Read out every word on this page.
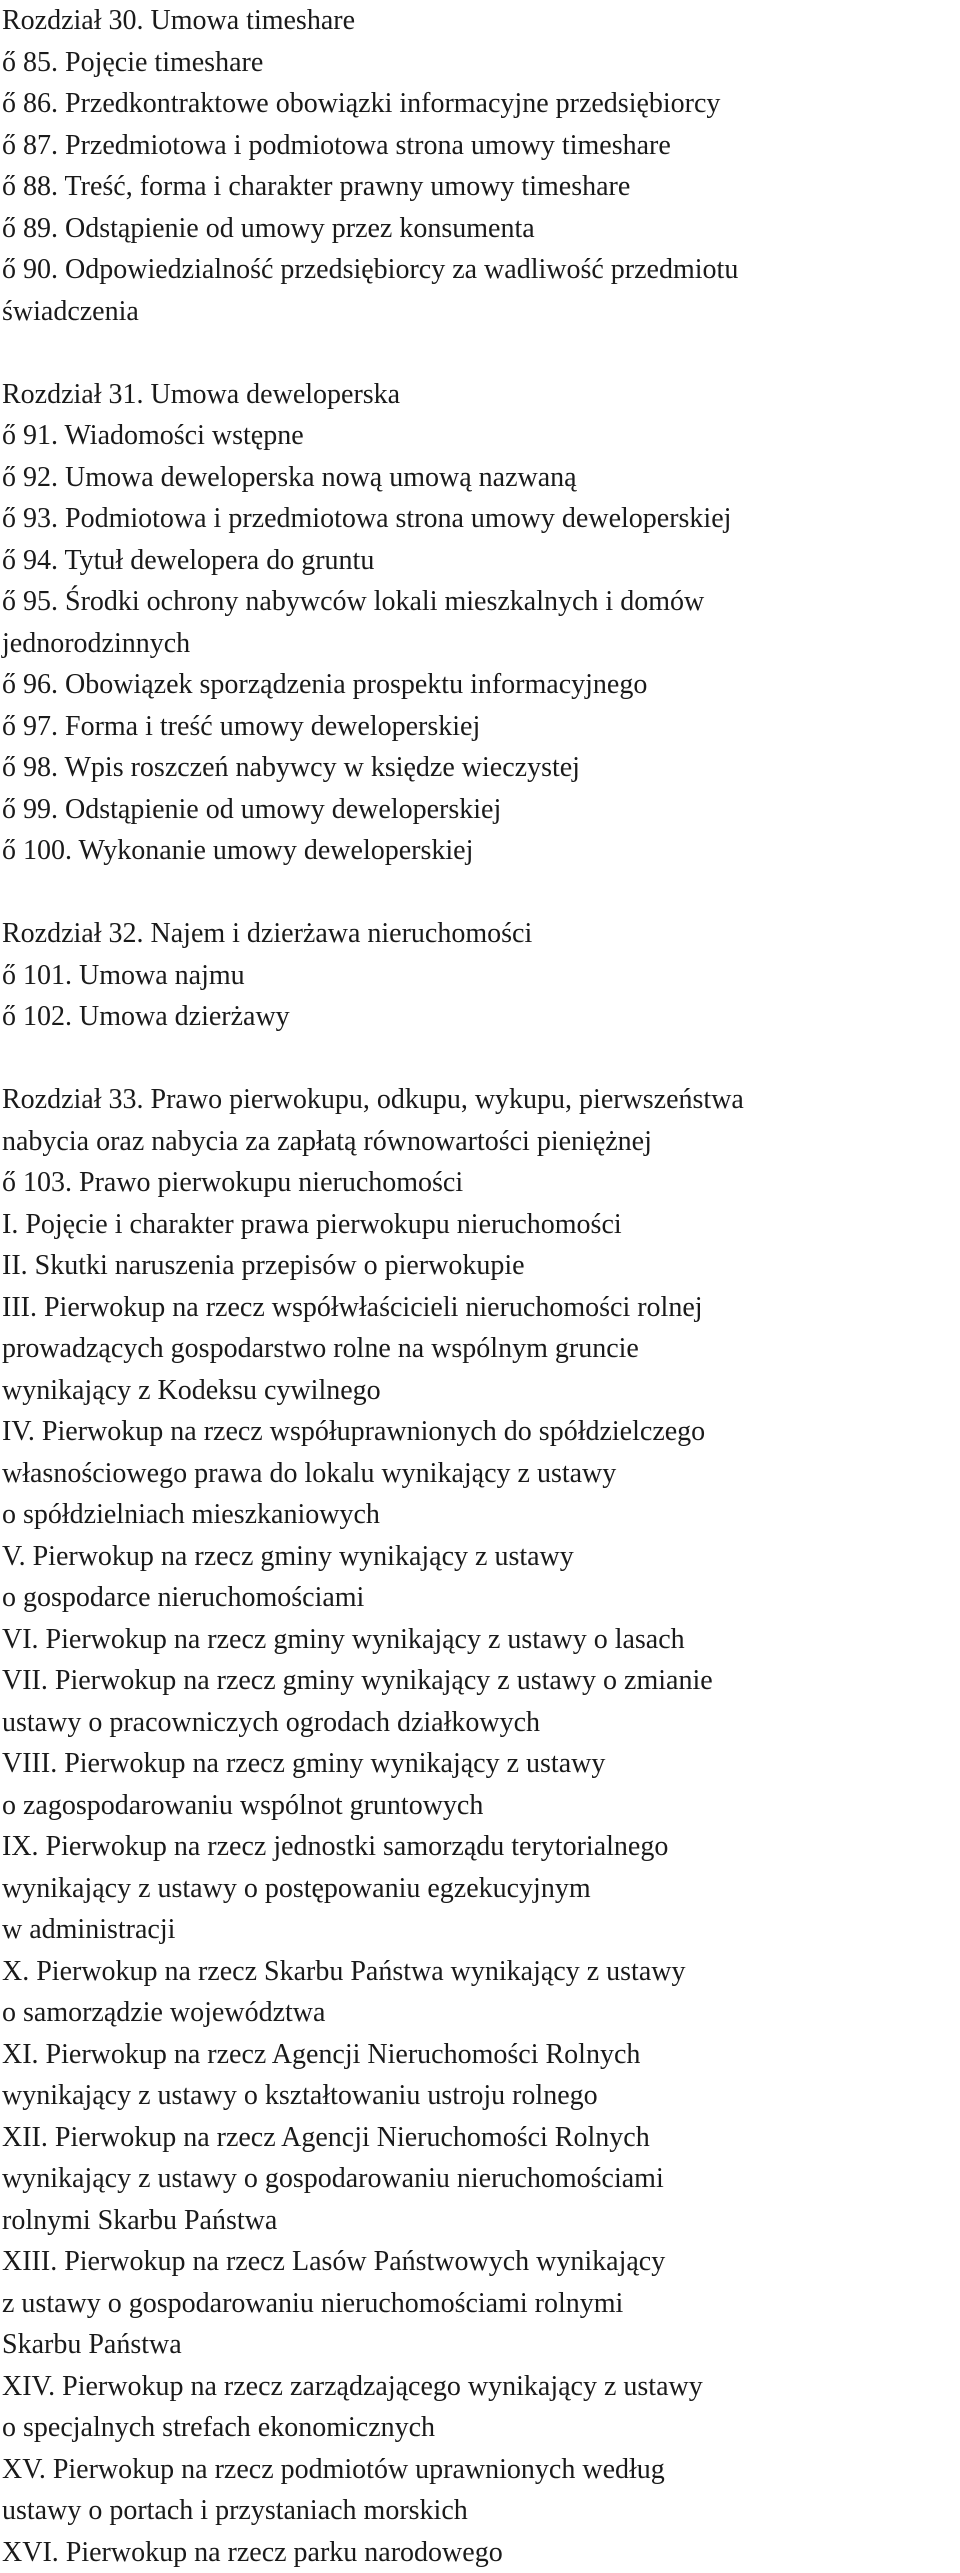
Rozdział 30. Umowa timeshare
ő 85. Pojęcie timeshare
ő 86. Przedkontraktowe obowiązki informacyjne przedsiębiorcy
ő 87. Przedmiotowa i podmiotowa strona umowy timeshare
ő 88. Treść, forma i charakter prawny umowy timeshare
ő 89. Odstąpienie od umowy przez konsumenta
ő 90. Odpowiedzialność przedsiębiorcy za wadliwość przedmiotu
świadczenia
Rozdział 31. Umowa deweloperska
ő 91. Wiadomości wstępne
ő 92. Umowa deweloperska nową umową nazwaną
ő 93. Podmiotowa i przedmiotowa strona umowy deweloperskiej
ő 94. Tytuł dewelopera do gruntu
ő 95. Środki ochrony nabywców lokali mieszkalnych i domów
jednorodzinnych
ő 96. Obowiązek sporządzenia prospektu informacyjnego
ő 97. Forma i treść umowy deweloperskiej
ő 98. Wpis roszczeń nabywcy w księdze wieczystej
ő 99. Odstąpienie od umowy deweloperskiej
ő 100. Wykonanie umowy deweloperskiej
Rozdział 32. Najem i dzierżawa nieruchomości
ő 101. Umowa najmu
ő 102. Umowa dzierżawy
Rozdział 33. Prawo pierwokupu, odkupu, wykupu, pierwszeństwa
nabycia oraz nabycia za zapłatą równowartości pieniężnej
ő 103. Prawo pierwokupu nieruchomości
I. Pojęcie i charakter prawa pierwokupu nieruchomości
II. Skutki naruszenia przepisów o pierwokupie
III. Pierwokup na rzecz współwłaścicieli nieruchomości rolnej
prowadzących gospodarstwo rolne na wspólnym gruncie
wynikający z Kodeksu cywilnego
IV. Pierwokup na rzecz współuprawnionych do spółdzielczego
własnościowego prawa do lokalu wynikający z ustawy
o spółdzielniach mieszkaniowych
V. Pierwokup na rzecz gminy wynikający z ustawy
o gospodarce nieruchomościami
VI. Pierwokup na rzecz gminy wynikający z ustawy o lasach
VII. Pierwokup na rzecz gminy wynikający z ustawy o zmianie
ustawy o pracowniczych ogrodach działkowych
VIII. Pierwokup na rzecz gminy wynikający z ustawy
o zagospodarowaniu wspólnot gruntowych
IX. Pierwokup na rzecz jednostki samorządu terytorialnego
wynikający z ustawy o postępowaniu egzekucyjnym
w administracji
X. Pierwokup na rzecz Skarbu Państwa wynikający z ustawy
o samorządzie województwa
XI. Pierwokup na rzecz Agencji Nieruchomości Rolnych
wynikający z ustawy o kształtowaniu ustroju rolnego
XII. Pierwokup na rzecz Agencji Nieruchomości Rolnych
wynikający z ustawy o gospodarowaniu nieruchomościami
rolnymi Skarbu Państwa
XIII. Pierwokup na rzecz Lasów Państwowych wynikający
z ustawy o gospodarowaniu nieruchomościami rolnymi
Skarbu Państwa
XIV. Pierwokup na rzecz zarządzającego wynikający z ustawy
o specjalnych strefach ekonomicznych
XV. Pierwokup na rzecz podmiotów uprawnionych według
ustawy o portach i przystaniach morskich
XVI. Pierwokup na rzecz parku narodowego
